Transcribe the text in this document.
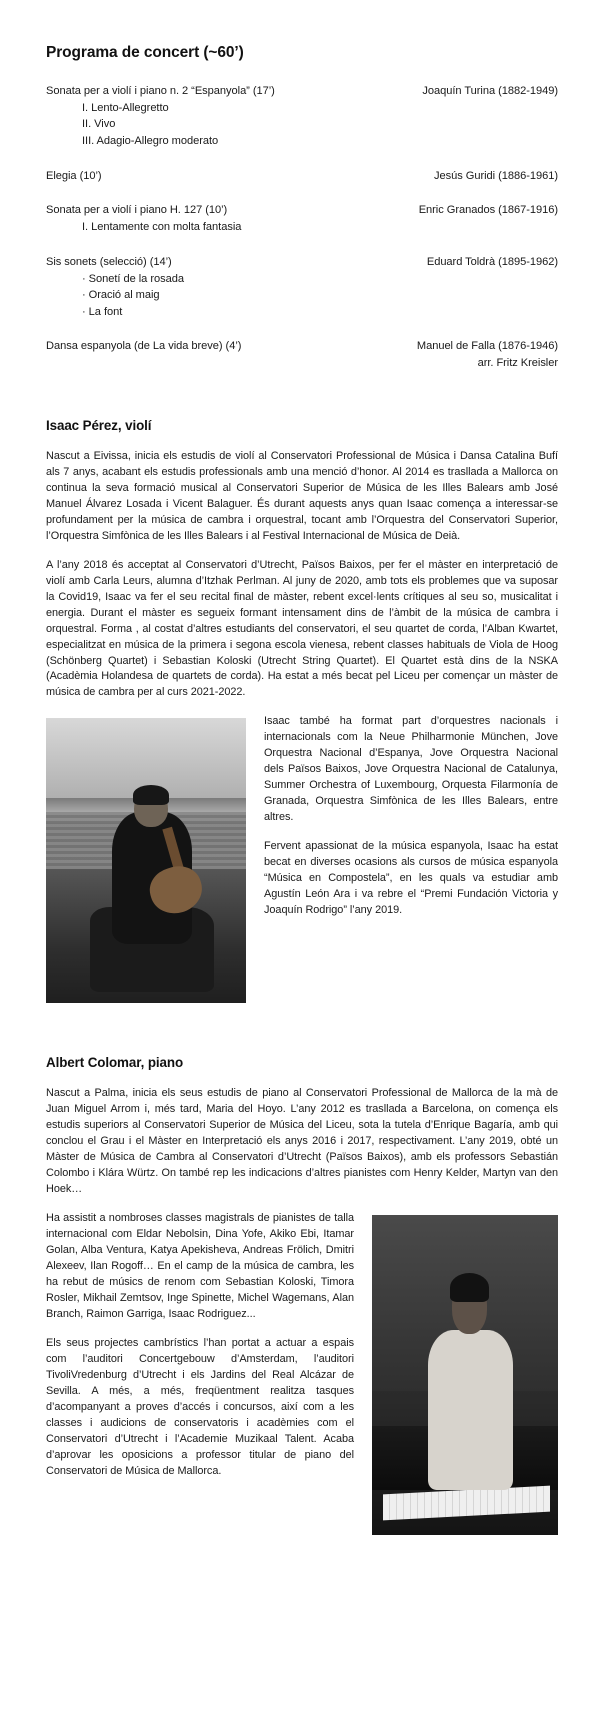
Programa de concert (~60’)
Sonata per a violí i piano n. 2 “Espanyola” (17’)	Joaquín Turina (1882-1949)
I. Lento-Allegretto
II. Vivo
III. Adagio-Allegro moderato
Elegia (10’)	Jesús Guridi (1886-1961)
Sonata per a violí i piano H. 127 (10’)	Enric Granados (1867-1916)
I. Lentamente con molta fantasia
Sis sonets (selecció) (14’)	Eduard Toldrà (1895-1962)
· Sonetí de la rosada
· Oració al maig
· La font
Dansa espanyola (de La vida breve) (4’)	Manuel de Falla (1876-1946)
arr. Fritz Kreisler
Isaac Pérez, violí

Nascut a Eivissa, inicia els estudis de violí al Conservatori Professional de Música i Dansa Catalina Bufí als 7 anys, acabant els estudis professionals amb una menció d’honor. Al 2014 es trasllada a Mallorca on continua la seva formació musical al Conservatori Superior de Música de les Illes Balears amb José Manuel Álvarez Losada i Vicent Balaguer. És durant aquests anys quan Isaac comença a interessar-se profundament per la música de cambra i orquestral, tocant amb l’Orquestra del Conservatori Superior, l’Orquestra Simfònica de les Illes Balears i al Festival Internacional de Música de Deià.

A l’any 2018 és acceptat al Conservatori d’Utrecht, Països Baixos, per fer el màster en interpretació de violí amb Carla Leurs, alumna d’Itzhak Perlman. Al juny de 2020, amb tots els problemes que va suposar la Covid19, Isaac va fer el seu recital final de màster, rebent excel·lents crítiques al seu so, musicalitat i energia. Durant el màster es segueix formant intensament dins de l’àmbit de la música de cambra i orquestral. Forma , al costat d’altres estudiants del conservatori, el seu quartet de corda, l’Alban Kwartet, especialitzat en música de la primera i segona escola vienesa, rebent classes habituals de Viola de Hoog (Schönberg Quartet) i Sebastian Koloski (Utrecht String Quartet). El Quartet està dins de la NSKA (Acadèmia Holandesa de quartets de corda). Ha estat a més becat pel Liceu per començar un màster de música de cambra per al curs 2021-2022.

Isaac també ha format part d’orquestres nacionals i internacionals com la Neue Philharmonie München, Jove Orquestra Nacional d’Espanya, Jove Orquestra Nacional dels Països Baixos, Jove Orquestra Nacional de Catalunya, Summer Orchestra of Luxembourg, Orquesta Filarmonía de Granada, Orquestra Simfònica de les Illes Balears, entre altres.

Fervent apassionat de la música espanyola, Isaac ha estat becat en diverses ocasions als cursos de música espanyola “Música en Compostela”, en les quals va estudiar amb Agustín León Ara i va rebre el “Premi Fundación Victoria y Joaquín Rodrigo” l’any 2019.

Albert Colomar, piano

Nascut a Palma, inicia els seus estudis de piano al Conservatori Professional de Mallorca de la mà de Juan Miguel Arrom i, més tard, Maria del Hoyo. L’any 2012 es trasllada a Barcelona, on comença els estudis superiors al Conservatori Superior de Música del Liceu, sota la tutela d’Enrique Bagaría, amb qui conclou el Grau i el Màster en Interpretació els anys 2016 i 2017, respectivament. L’any 2019, obté un Màster de Música de Cambra al Conservatori d’Utrecht (Països Baixos), amb els professors Sebastián Colombo i Klára Würtz. On també rep les indicacions d’altres pianistes com Henry Kelder, Martyn van den Hoek…

Ha assistit a nombroses classes magistrals de pianistes de talla internacional com Eldar Nebolsin, Dina Yofe, Akiko Ebi, Itamar Golan, Alba Ventura, Katya Apekisheva, Andreas Frölich, Dmitri Alexeev, Ilan Rogoff… En el camp de la música de cambra, les ha rebut de músics de renom com Sebastian Koloski, Timora Rosler, Mikhail Zemtsov, Inge Spinette, Michel Wagemans, Alan Branch, Raimon Garriga, Isaac Rodriguez...

Els seus projectes cambrístics l’han portat a actuar a espais com l’auditori Concertgebouw d’Amsterdam, l’auditori TivoliVredenburg d’Utrecht i els Jardins del Real Alcázar de Sevilla. A més, a més, freqüentment realitza tasques d’acompanyant a proves d’accés i concursos, així com a les classes i audicions de conservatoris i acadèmies com el Conservatori d’Utrecht i l’Academie Muzikaal Talent. Acaba d’aprovar les oposicions a professor titular de piano del Conservatori de Música de Mallorca.
